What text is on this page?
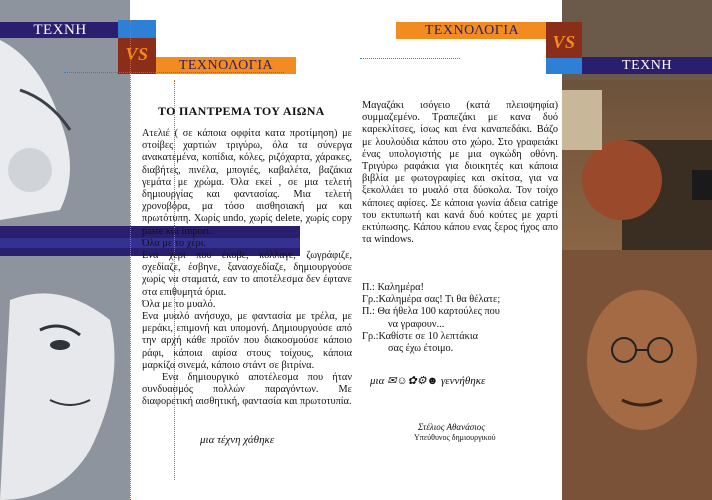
ΤΕΧΝΗ
VS
ΤΕΧΝΟΛΟΓΙΑ
ΤΕΧΝΟΛΟΓΙΑ
VS
ΤΕΧΝΗ
ΤΟ ΠΑΝΤΡΕΜΑ ΤΟΥ ΑΙΩΝΑ

Ατελιέ ( σε κάποια οφφίτα κατα προτίμηση) με στοίβες χαρτιών τριγύρω, όλα τα σύνεργα ανακατεμένα, κοπίδια, κόλες, ριζόχαρτα, χάρακες, διαβήτες, πινέλα, μπογιές, καβαλέτα, βαζάκια γεμάτα με χρώμα. Όλα εκεί , σε μια τελετή δημιουργίας και φαντασίας. Μια τελετή χρονοβόρα, μα τόσο αισθησιακή μα και πρωτότυπη. Χωρίς undo, χωρίς delete, χωρίς copy paste και import.

Όλα με το χέρι.

Ενα χέρι που έκοβε, κόλλαγε, ζωγράφιζε, σχεδίαζε, έσβηνε, ξανασχεδίαζε, δημιουργούσε χωρίς να σταματά, εαν το αποτέλεσμα δεν έφτανε στα επιθυμητά όρια.

Όλα με το μυαλό.

Ενα μυαλό ανήσυχο, με φαντασία με τρέλα, με μεράκι, επιμονή και υπομονή. Δημιουργούσε από την αρχή κάθε προϊόν που διακοσμούσε κάποιο ράφι, κάποια αφίσα στους τοίχους, κάποια μαρκίζα σινεμά, κάποιο στάντ σε βιτρίνα.

Ενα δημιουργικό αποτέλεσμα που ήταν συνδυασμός πολλών παραγόντων. Με διαφορετική αισθητική, φαντασία και πρωτοτυπία.

Μαγαζάκι ισόγειο (κατά πλειοψηφία) συμμαζεμένο. Τραπεζάκι με κανα δυό καρεκλίτσες, ίσως και ένα καναπεδάκι. Βάζο με λουλούδια κάπου στο χώρο. Στο γραφειάκι ένας υπολογιστής με μια ογκώδη οθόνη. Τριγύρω ραφάκια για διοικητές και κάποια βιβλία με φωτογραφίες και σκίτσα, για να ξεκολλάει το μυαλό στα δύσκολα. Τον τοίχο κάποιες αφίσες. Σε κάποια γωνία άδεια catrige του εκτυπωτή και κανά δυό κούτες με χαρτί εκτύπωσης. Κάπου κάπου ενας ξερος ήχος απο τα windows.

Π.: Καλημέρα!

Γρ.:Καλημέρα σας! Τι θα θέλατε;

Π.: Θα ήθελα 100 καρτούλες που

να γραφουν...

Γρ.:Καθίστε σε 10 λεπτάκια

σας έχω έτοιμο.

μια τέχνη χάθηκε
μια ✉☺✿⚙☻ γεννήθηκε
Στέλιος Αθανάσιος
Υπεύθυνος δημιουργικού
